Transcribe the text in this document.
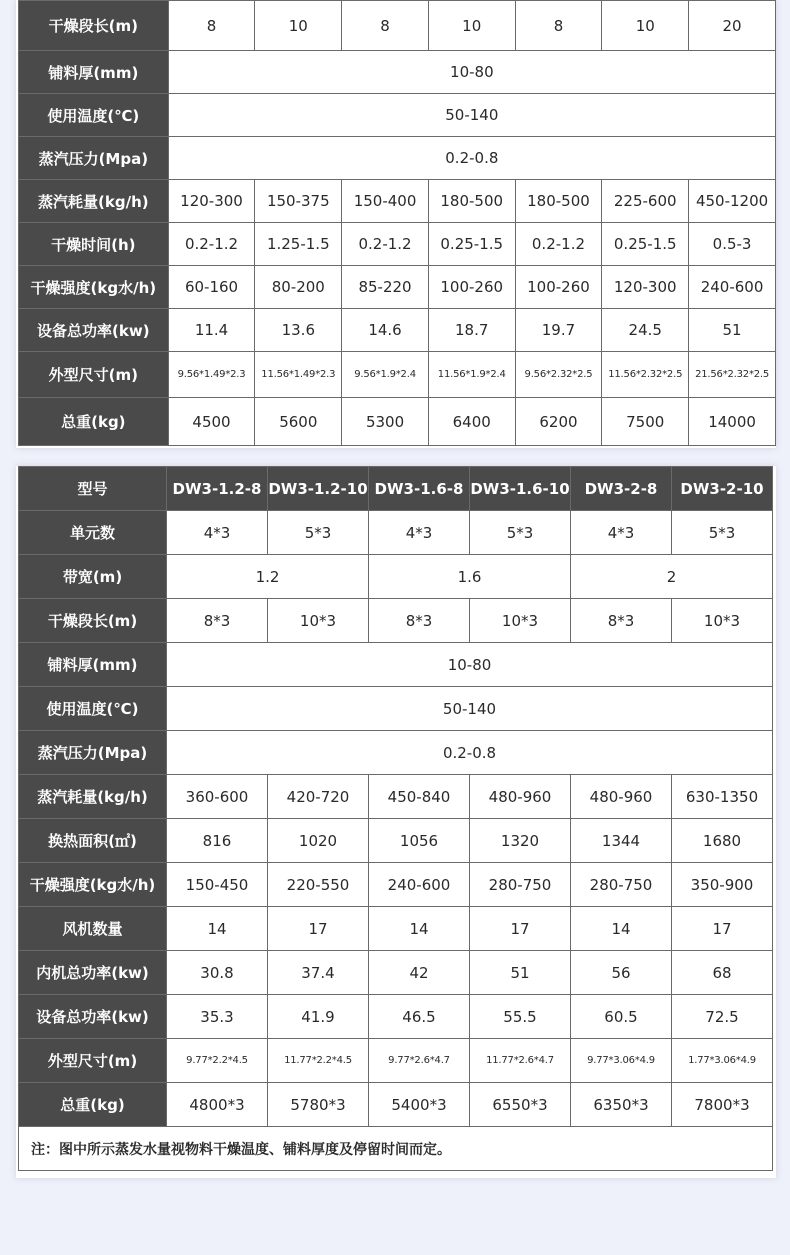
干燥段长(m)	8	10	8	10	8	10	20
铺料厚(mm)	10-80						
使用温度(℃)	50-140						
蒸汽压力(Mpa)	0.2-0.8						
蒸汽耗量(kg/h)	120-300	150-375	150-400	180-500	180-500	225-600	450-1200
干燥时间(h)	0.2-1.2	1.25-1.5	0.2-1.2	0.25-1.5	0.2-1.2	0.25-1.5	0.5-3
干燥强度(kg水/h)	60-160	80-200	85-220	100-260	100-260	120-300	240-600
设备总功率(kw)	11.4	13.6	14.6	18.7	19.7	24.5	51
外型尺寸(m)	9.56*1.49*2.3	11.56*1.49*2.3	9.56*1.9*2.4	11.56*1.9*2.4	9.56*2.32*2.5	11.56*2.32*2.5	21.56*2.32*2.5
总重(kg)	4500	5600	5300	6400	6200	7500	14000
型号	DW3-1.2-8	DW3-1.2-10	DW3-1.6-8	DW3-1.6-10	DW3-2-8	DW3-2-10
单元数	4*3	5*3	4*3	5*3	4*3	5*3
带宽(m)	1.2		1.6		2	
干燥段长(m)	8*3	10*3	8*3	10*3	8*3	10*3
铺料厚(mm)	10-80					
使用温度(℃)	50-140					
蒸汽压力(Mpa)	0.2-0.8					
蒸汽耗量(kg/h)	360-600	420-720	450-840	480-960	480-960	630-1350
换热面积(㎡)	816	1020	1056	1320	1344	1680
干燥强度(kg水/h)	150-450	220-550	240-600	280-750	280-750	350-900
风机数量	14	17	14	17	14	17
内机总功率(kw)	30.8	37.4	42	51	56	68
设备总功率(kw)	35.3	41.9	46.5	55.5	60.5	72.5
外型尺寸(m)	9.77*2.2*4.5	11.77*2.2*4.5	9.77*2.6*4.7	11.77*2.6*4.7	9.77*3.06*4.9	1.77*3.06*4.9
总重(kg)	4800*3	5780*3	5400*3	6550*3	6350*3	7800*3
注：图中所示蒸发水量视物料干燥温度、铺料厚度及停留时间而定。						
